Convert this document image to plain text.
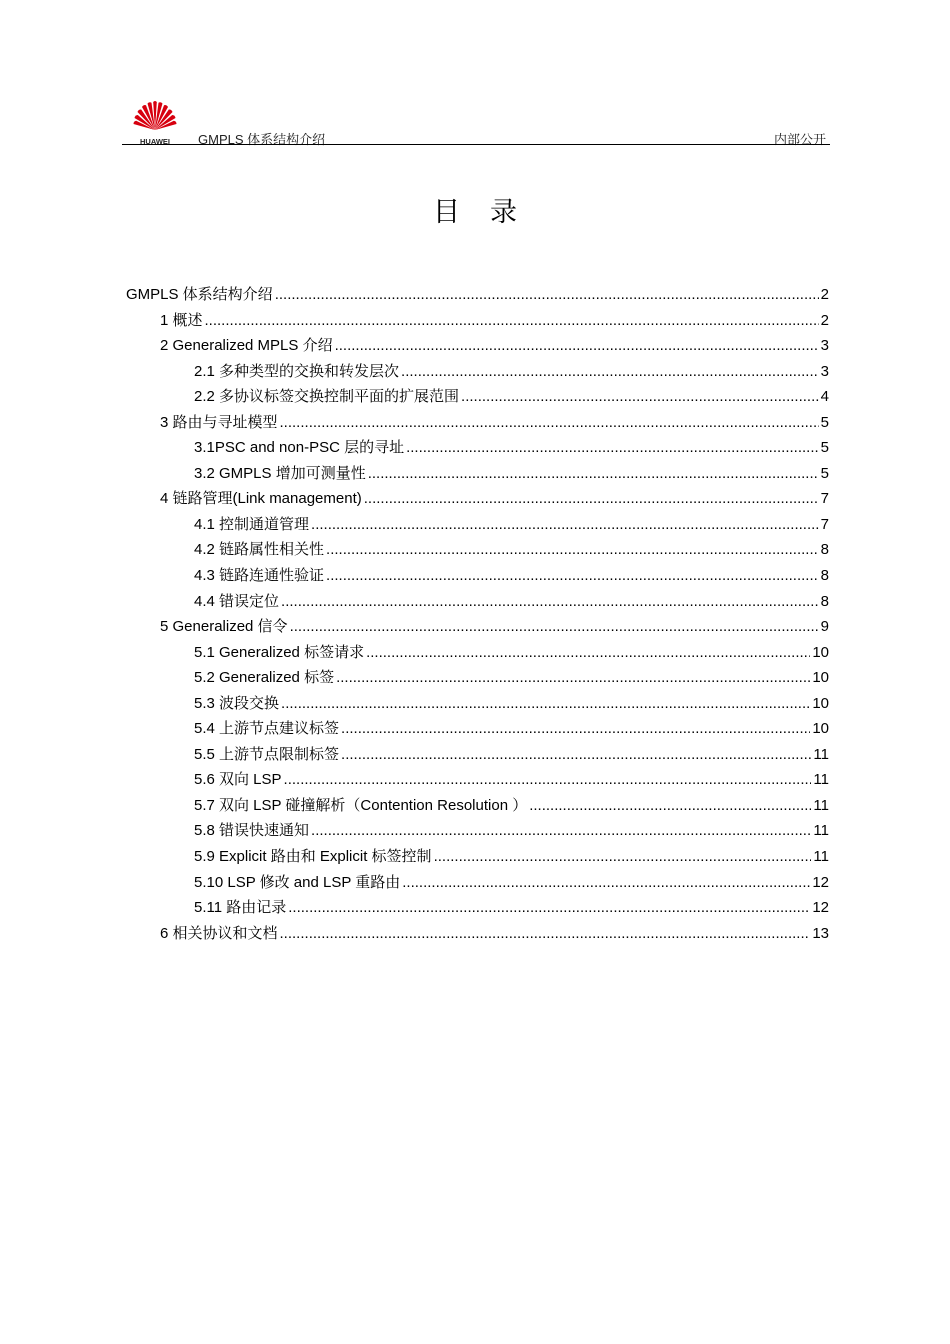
HUAWEI GMPLS 体系结构介绍	内部公开
目录
GMPLS 体系结构介绍 .....	2
1 概述 .....	2
2 Generalized MPLS 介绍 .....	3
2.1 多种类型的交换和转发层次 .....	3
2.2 多协议标签交换控制平面的扩展范围 .....	4
3 路由与寻址模型 .....	5
3.1PSC and non-PSC 层的寻址 .....	5
3.2 GMPLS 增加可测量性 .....	5
4 链路管理(Link management) .....	7
4.1 控制通道管理 .....	7
4.2 链路属性相关性 .....	8
4.3 链路连通性验证 .....	8
4.4 错误定位 .....	8
5 Generalized 信令 .....	9
5.1 Generalized 标签请求 .....	10
5.2 Generalized 标签 .....	10
5.3 波段交换 .....	10
5.4 上游节点建议标签 .....	10
5.5 上游节点限制标签 .....	11
5.6 双向 LSP .....	11
5.7 双向 LSP 碰撞解析（Contention Resolution ） .....	11
5.8 错误快速通知 .....	11
5.9 Explicit 路由和 Explicit 标签控制 .....	11
5.10 LSP 修改 and LSP 重路由 .....	12
5.11 路由记录 .....	12
6 相关协议和文档 .....	13
